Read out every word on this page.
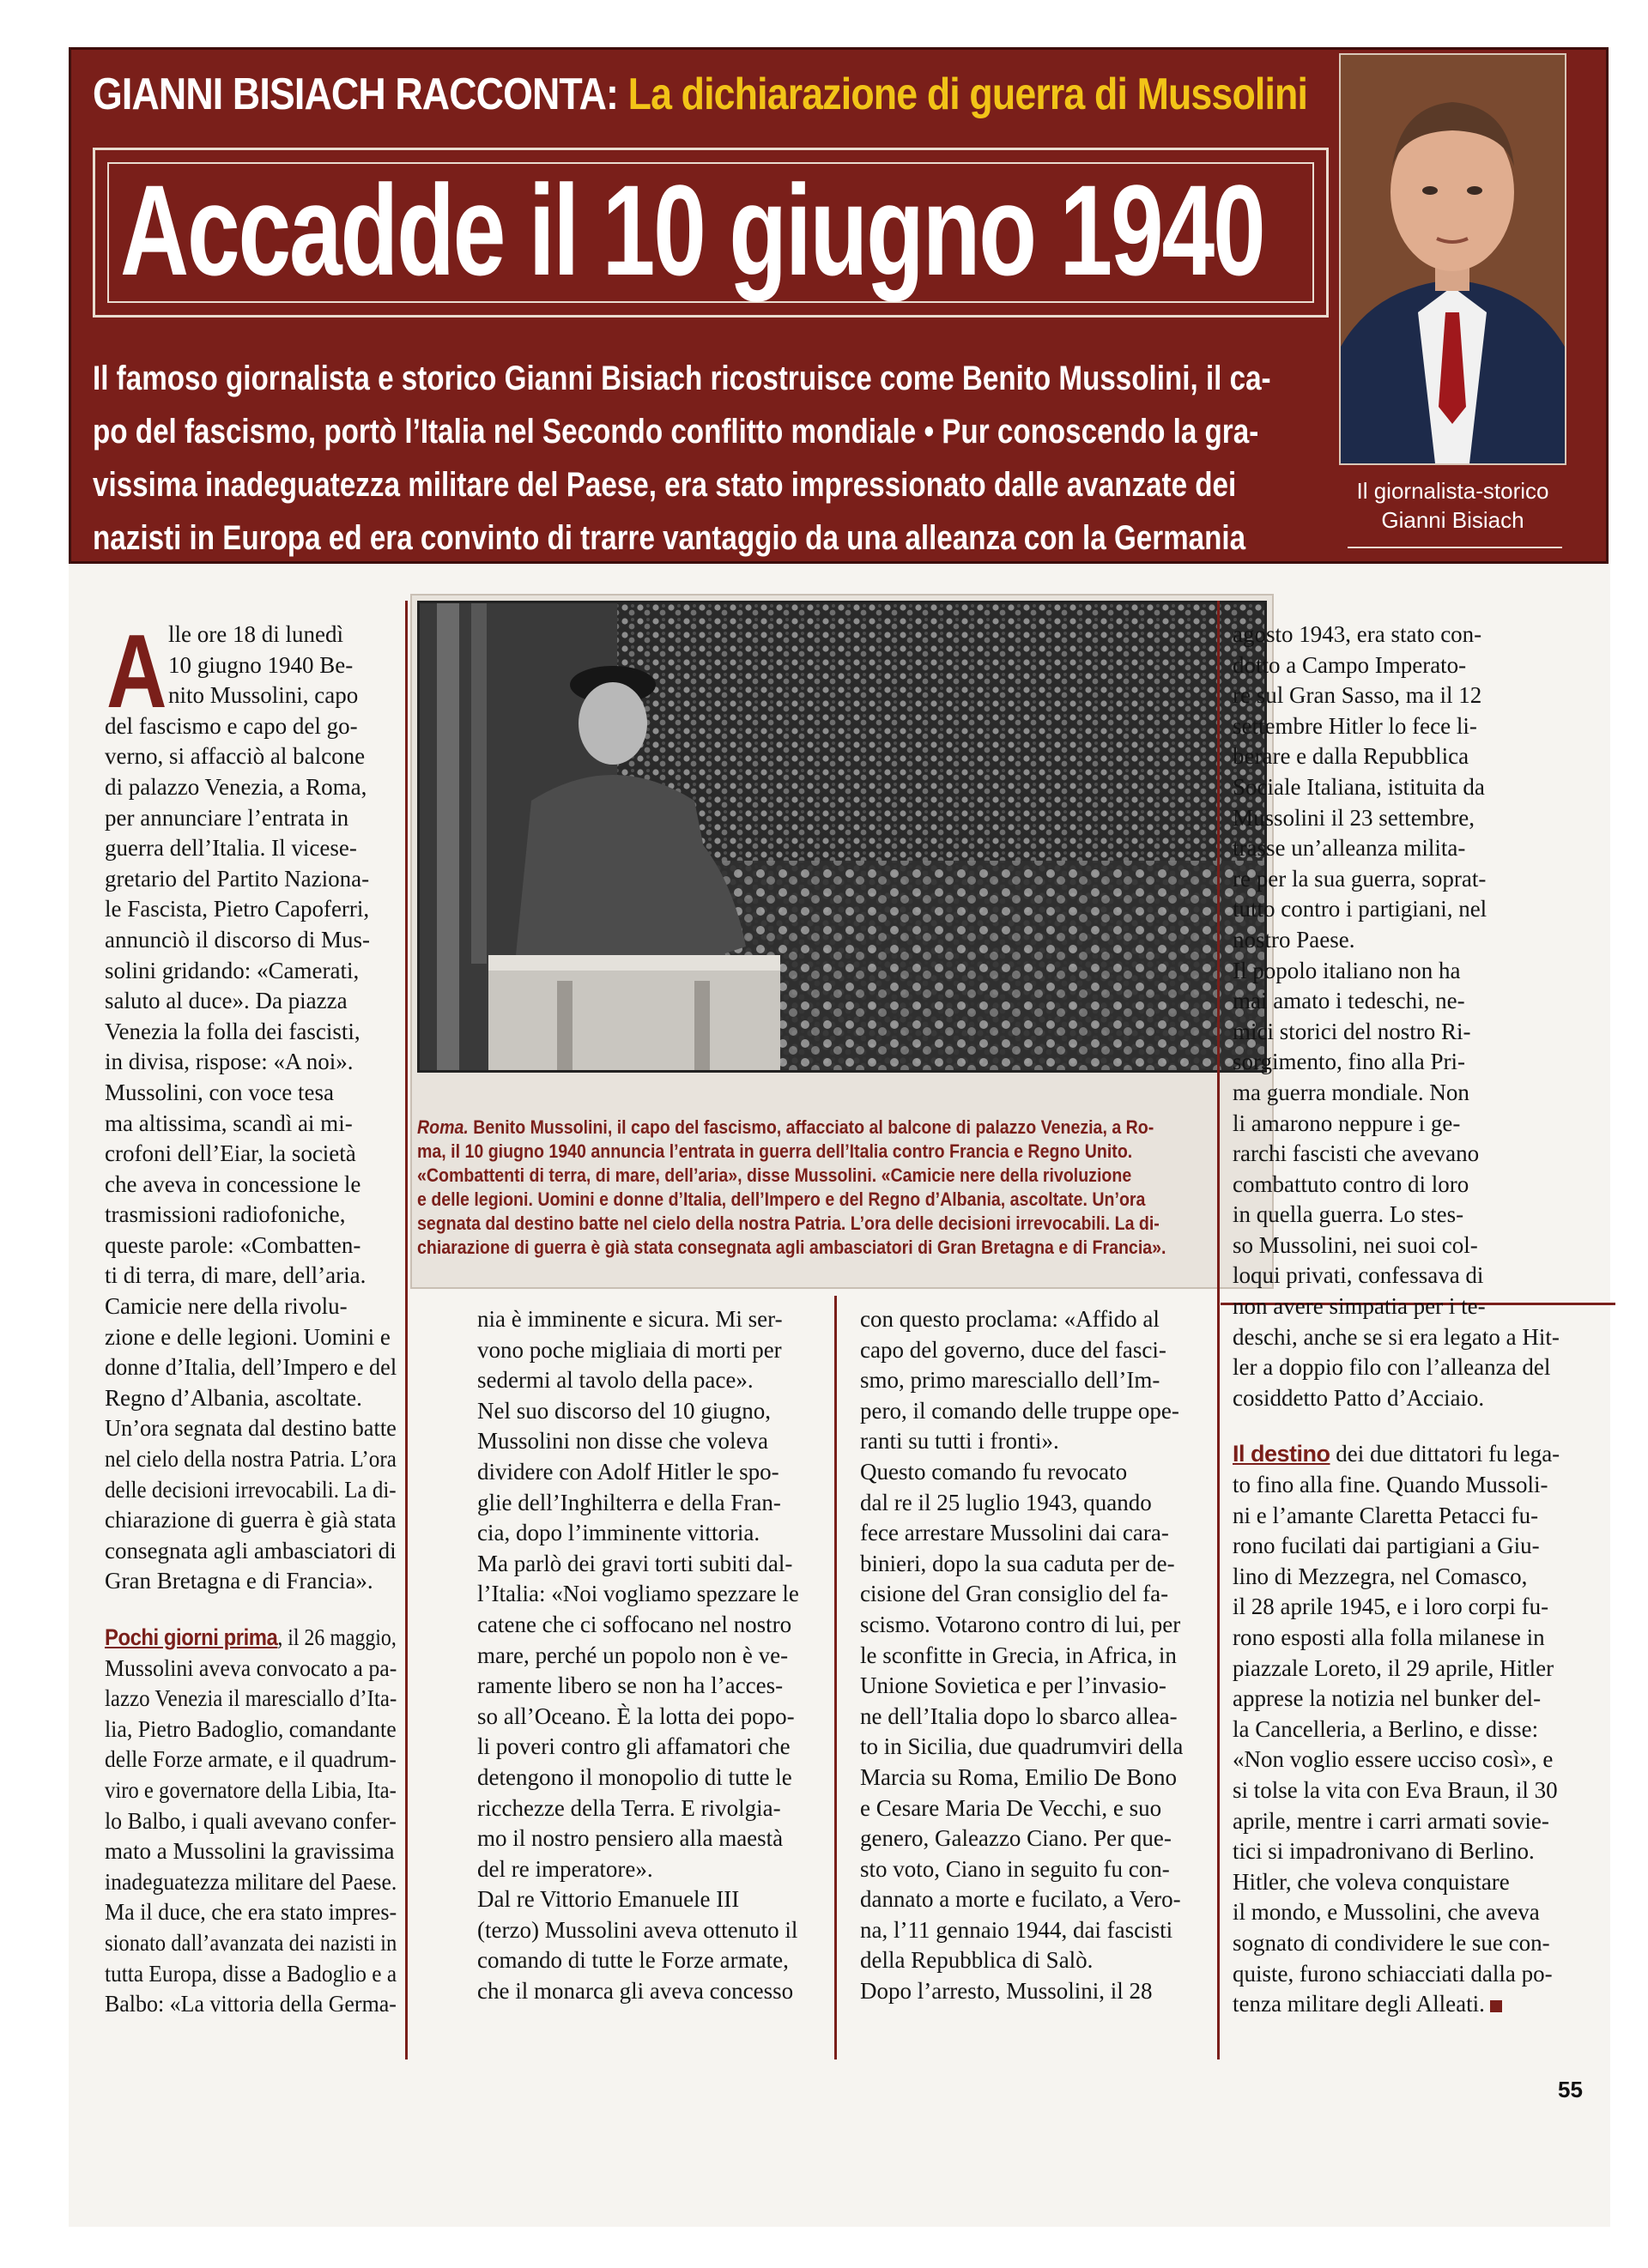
GIANNI BISIACH RACCONTA: La dichiarazione di guerra di Mussolini
Accadde il 10 giugno 1940
Il famoso giornalista e storico Gianni Bisiach ricostruisce come Benito Mussolini, il ca-
po del fascismo, portò l’Italia nel Secondo conflitto mondiale • Pur conoscendo la gra-
vissima inadeguatezza militare del Paese, era stato impressionato dalle avanzate dei
nazisti in Europa ed era convinto di trarre vantaggio da una alleanza con la Germania
Il giornalista-storico
Gianni Bisiach
Roma. Benito Mussolini, il capo del fascismo, affacciato al balcone di palazzo Venezia, a Ro-
ma, il 10 giugno 1940 annuncia l’entrata in guerra dell’Italia contro Francia e Regno Unito.
«Combattenti di terra, di mare, dell’aria», disse Mussolini. «Camicie nere della rivoluzione
e delle legioni. Uomini e donne d’Italia, dell’Impero e del Regno d’Albania, ascoltate. Un’ora
segnata dal destino batte nel cielo della nostra Patria. L’ora delle decisioni irrevocabili. La di-
chiarazione di guerra è già stata consegnata agli ambasciatori di Gran Bretagna e di Francia».
A lle ore 18 di lunedì
10 giugno 1940 Be-
nito Mussolini, capo
del fascismo e capo del go-
verno, si affacciò al balcone
di palazzo Venezia, a Roma,
per annunciare l’entrata in
guerra dell’Italia. Il vicese-
gretario del Partito Naziona-
le Fascista, Pietro Capoferri,
annunciò il discorso di Mus-
solini gridando: «Camerati,
saluto al duce». Da piazza
Venezia la folla dei fascisti,
in divisa, rispose: «A noi».
Mussolini, con voce tesa
ma altissima, scandì ai mi-
crofoni dell’Eiar, la società
che aveva in concessione le
trasmissioni radiofoniche,
queste parole: «Combatten-
ti di terra, di mare, dell’aria.
Camicie nere della rivolu-
zione e delle legioni. Uomini e
donne d’Italia, dell’Impero e del
Regno d’Albania, ascoltate.
Un’ora segnata dal destino batte
nel cielo della nostra Patria. L’ora
delle decisioni irrevocabili. La di-
chiarazione di guerra è già stata
consegnata agli ambasciatori di
Gran Bretagna e di Francia».
Pochi giorni prima, il 26 maggio,
Mussolini aveva convocato a pa-
lazzo Venezia il maresciallo d’Ita-
lia, Pietro Badoglio, comandante
delle Forze armate, e il quadrum-
viro e governatore della Libia, Ita-
lo Balbo, i quali avevano confer-
mato a Mussolini la gravissima
inadeguatezza militare del Paese.
Ma il duce, che era stato impres-
sionato dall’avanzata dei nazisti in
tutta Europa, disse a Badoglio e a
Balbo: «La vittoria della Germa-
nia è imminente e sicura. Mi ser-
vono poche migliaia di morti per
sedermi al tavolo della pace».
Nel suo discorso del 10 giugno,
Mussolini non disse che voleva
dividere con Adolf Hitler le spo-
glie dell’Inghilterra e della Fran-
cia, dopo l’imminente vittoria.
Ma parlò dei gravi torti subiti dal-
l’Italia: «Noi vogliamo spezzare le
catene che ci soffocano nel nostro
mare, perché un popolo non è ve-
ramente libero se non ha l’acces-
so all’Oceano. È la lotta dei popo-
li poveri contro gli affamatori che
detengono il monopolio di tutte le
ricchezze della Terra. E rivolgia-
mo il nostro pensiero alla maestà
del re imperatore».
Dal re Vittorio Emanuele III
(terzo) Mussolini aveva ottenuto il
comando di tutte le Forze armate,
che il monarca gli aveva concesso
con questo proclama: «Affido al
capo del governo, duce del fasci-
smo, primo maresciallo dell’Im-
pero, il comando delle truppe ope-
ranti su tutti i fronti».
Questo comando fu revocato
dal re il 25 luglio 1943, quando
fece arrestare Mussolini dai cara-
binieri, dopo la sua caduta per de-
cisione del Gran consiglio del fa-
scismo. Votarono contro di lui, per
le sconfitte in Grecia, in Africa, in
Unione Sovietica e per l’invasio-
ne dell’Italia dopo lo sbarco allea-
to in Sicilia, due quadrumviri della
Marcia su Roma, Emilio De Bono
e Cesare Maria De Vecchi, e suo
genero, Galeazzo Ciano. Per que-
sto voto, Ciano in seguito fu con-
dannato a morte e fucilato, a Vero-
na, l’11 gennaio 1944, dai fascisti
della Repubblica di Salò.
Dopo l’arresto, Mussolini, il 28
agosto 1943, era stato con-
dotto a Campo Imperato-
re sul Gran Sasso, ma il 12
settembre Hitler lo fece li-
berare e dalla Repubblica
Sociale Italiana, istituita da
Mussolini il 23 settembre,
trasse un’alleanza milita-
re per la sua guerra, soprat-
tutto contro i partigiani, nel
nostro Paese.
Il popolo italiano non ha
mai amato i tedeschi, ne-
mici storici del nostro Ri-
sorgimento, fino alla Pri-
ma guerra mondiale. Non
li amarono neppure i ge-
rarchi fascisti che avevano
combattuto contro di loro
in quella guerra. Lo stes-
so Mussolini, nei suoi col-
loqui privati, confessava di
non avere simpatia per i te-
deschi, anche se si era legato a Hit-
ler a doppio filo con l’alleanza del
cosiddetto Patto d’Acciaio.
Il destino dei due dittatori fu lega-
to fino alla fine. Quando Mussoli-
ni e l’amante Claretta Petacci fu-
rono fucilati dai partigiani a Giu-
lino di Mezzegra, nel Comasco,
il 28 aprile 1945, e i loro corpi fu-
rono esposti alla folla milanese in
piazzale Loreto, il 29 aprile, Hitler
apprese la notizia nel bunker del-
la Cancelleria, a Berlino, e disse:
«Non voglio essere ucciso così», e
si tolse la vita con Eva Braun, il 30
aprile, mentre i carri armati sovie-
tici si impadronivano di Berlino.
Hitler, che voleva conquistare
il mondo, e Mussolini, che aveva
sognato di condividere le sue con-
quiste, furono schiacciati dalla po-
tenza militare degli Alleati.
55
